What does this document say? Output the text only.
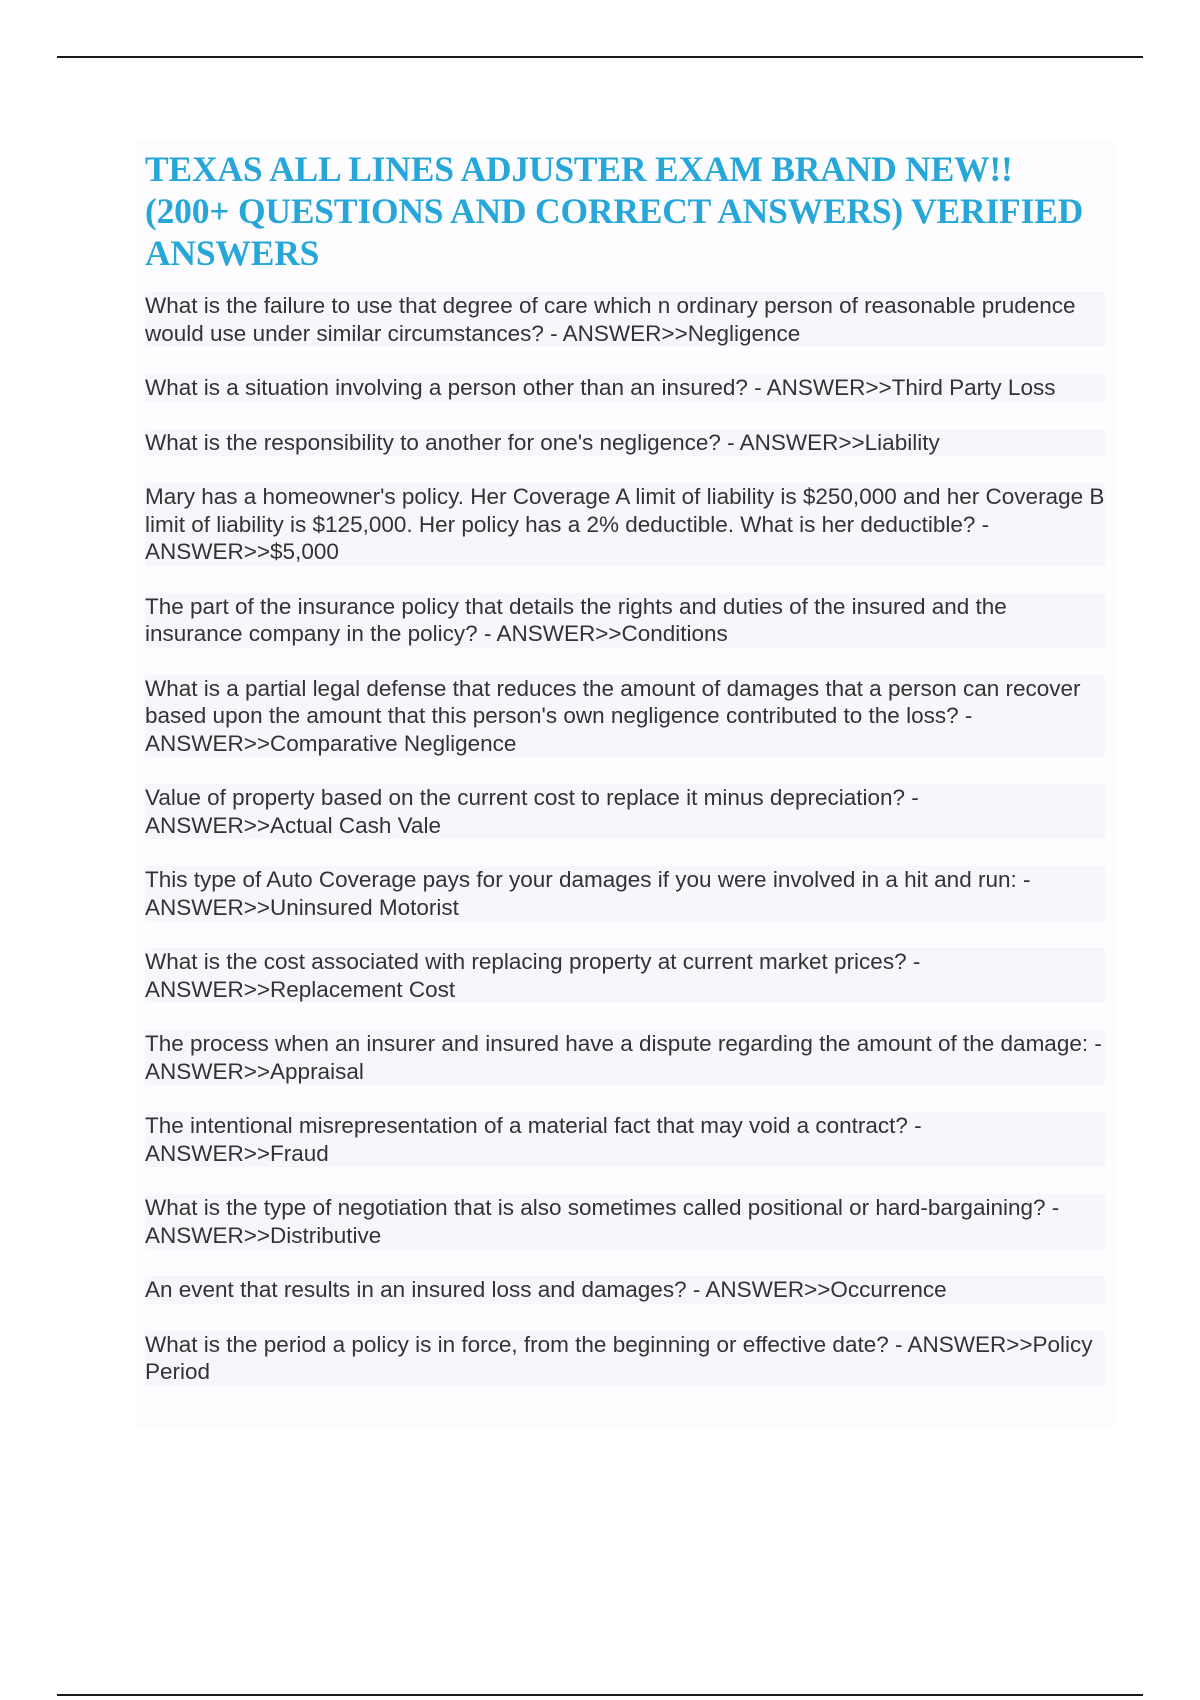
TEXAS ALL LINES ADJUSTER EXAM BRAND NEW!! (200+ QUESTIONS AND CORRECT ANSWERS) VERIFIED ANSWERS
What is the failure to use that degree of care which n ordinary person of reasonable prudence would use under similar circumstances? - ANSWER>>Negligence
What is a situation involving a person other than an insured? - ANSWER>>Third Party Loss
What is the responsibility to another for one's negligence? - ANSWER>>Liability
Mary has a homeowner's policy. Her Coverage A limit of liability is $250,000 and her Coverage B limit of liability is $125,000. Her policy has a 2% deductible. What is her deductible? - ANSWER>>$5,000
The part of the insurance policy that details the rights and duties of the insured and the insurance company in the policy? - ANSWER>>Conditions
What is a partial legal defense that reduces the amount of damages that a person can recover based upon the amount that this person's own negligence contributed to the loss? - ANSWER>>Comparative Negligence
Value of property based on the current cost to replace it minus depreciation? - ANSWER>>Actual Cash Vale
This type of Auto Coverage pays for your damages if you were involved in a hit and run: - ANSWER>>Uninsured Motorist
What is the cost associated with replacing property at current market prices? - ANSWER>>Replacement Cost
The process when an insurer and insured have a dispute regarding the amount of the damage: - ANSWER>>Appraisal
The intentional misrepresentation of a material fact that may void a contract? - ANSWER>>Fraud
What is the type of negotiation that is also sometimes called positional or hard-bargaining? - ANSWER>>Distributive
An event that results in an insured loss and damages? - ANSWER>>Occurrence
What is the period a policy is in force, from the beginning or effective date? - ANSWER>>Policy Period
